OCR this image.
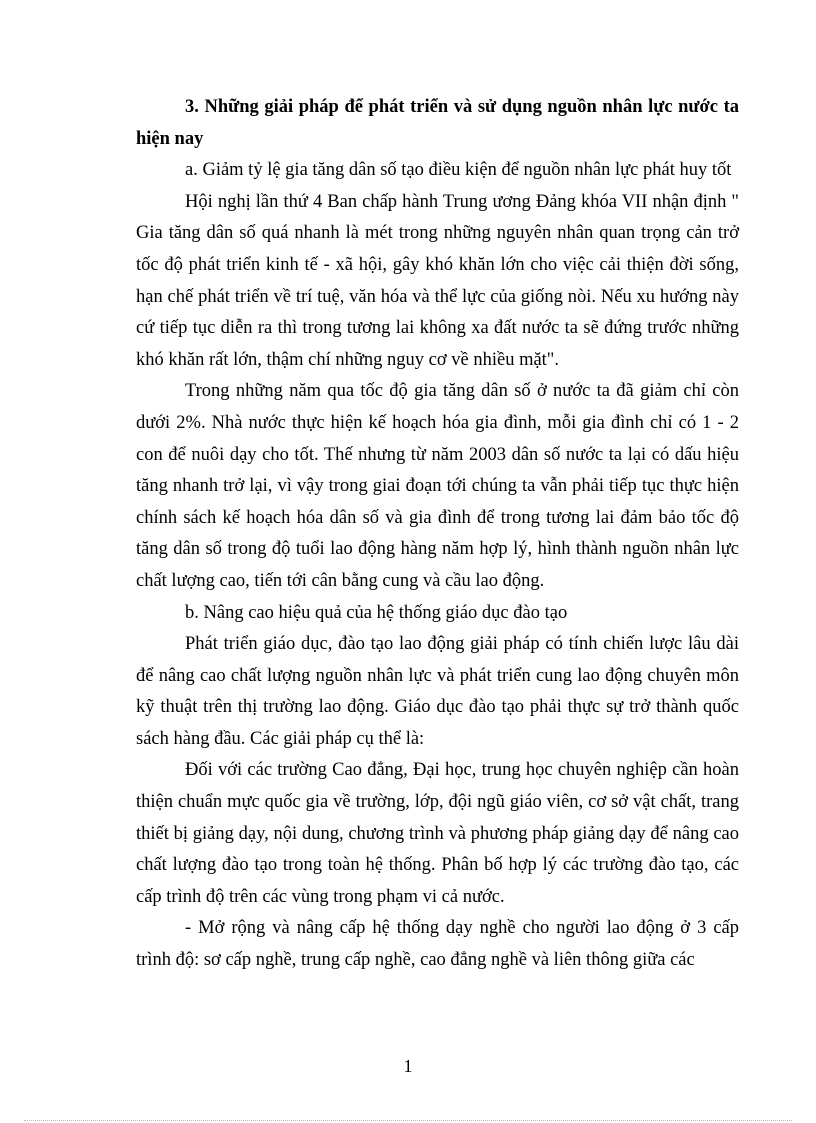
3. Những giải pháp để phát triển và sử dụng nguồn nhân lực nước ta hiện nay

a. Giảm tỷ lệ gia tăng dân số tạo điều kiện để nguồn nhân lực phát huy tốt

Hội nghị lần thứ 4 Ban chấp hành Trung ương Đảng khóa VII nhận định " Gia tăng dân số quá nhanh là mét trong những nguyên nhân quan trọng cản trở tốc độ phát triển kinh tế - xã hội, gây khó khăn lớn cho việc cải thiện đời sống, hạn chế phát triển về trí tuệ, văn hóa và thể lực của giống nòi. Nếu xu hướng này cứ tiếp tục diễn ra thì trong tương lai không xa đất nước ta sẽ đứng trước những khó khăn rất lớn, thậm chí những nguy cơ về nhiều mặt".

Trong những năm qua tốc độ gia tăng dân số ở nước ta đã giảm chỉ còn dưới 2%. Nhà nước thực hiện kế hoạch hóa gia đình, mỗi gia đình chỉ có 1 - 2 con để nuôi dạy cho tốt. Thế nhưng từ năm 2003 dân số nước ta lại có dấu hiệu tăng nhanh trở lại, vì vậy trong giai đoạn tới chúng ta vẫn phải tiếp tục thực hiện chính sách kế hoạch hóa dân số và gia đình để trong tương lai đảm bảo tốc độ tăng dân số trong độ tuổi lao động hàng năm hợp lý, hình thành nguồn nhân lực chất lượng cao, tiến tới cân bằng cung và cầu lao động.

b. Nâng cao hiệu quả của hệ thống giáo dục đào tạo

Phát triển giáo dục, đào tạo lao động giải pháp có tính chiến lược lâu dài để nâng cao chất lượng nguồn nhân lực và phát triển cung lao động chuyên môn kỹ thuật trên thị trường lao động. Giáo dục đào tạo phải thực sự trở thành quốc sách hàng đầu. Các giải pháp cụ thể là:

Đối với các trường Cao đẳng, Đại học, trung học chuyên nghiệp cần hoàn thiện chuẩn mực quốc gia về trường, lớp, đội ngũ giáo viên, cơ sở vật chất, trang thiết bị giảng dạy, nội dung, chương trình và phương pháp giảng dạy để nâng cao chất lượng đào tạo trong toàn hệ thống. Phân bố hợp lý các trường đào tạo, các cấp trình độ trên các vùng trong phạm vi cả nước.

- Mở rộng và nâng cấp hệ thống dạy nghề cho người lao động ở 3 cấp trình độ: sơ cấp nghề, trung cấp nghề, cao đẳng nghề và liên thông giữa các

1
